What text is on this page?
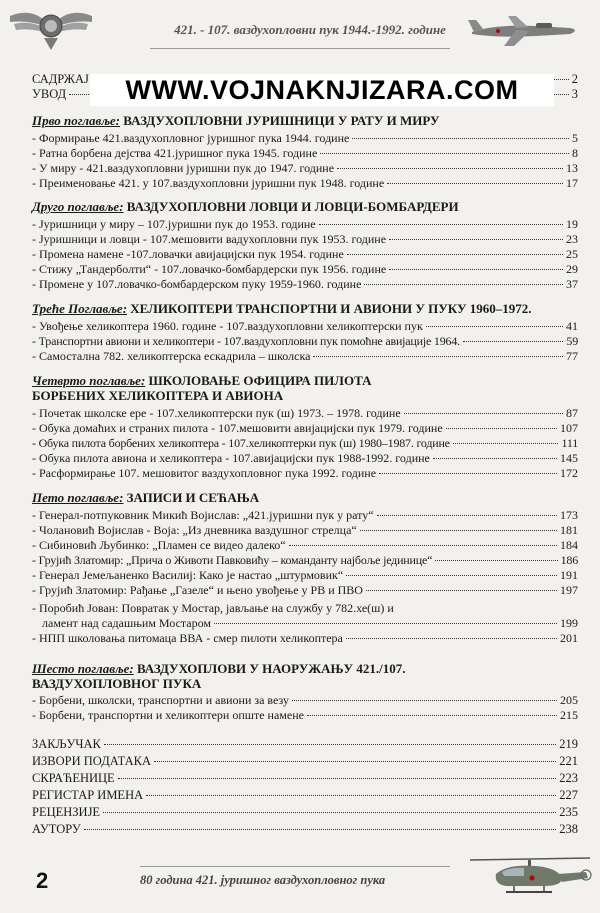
421. - 107. ваздухопловни пук 1944.-1992. године
САДРЖАЈ	2
УВОД	3
WWW.VOJNAKNJIZARA.COM
Прво поглавље: ВАЗДУХОПЛОВНИ ЈУРИШНИЦИ У РАТУ И МИРУ
- Формирање 421.ваздухопловног јуришног пука 1944. године	5
- Ратна борбена дејства 421.јуришног пука 1945. године	8
- У миру - 421.ваздухопловни јуришни пук до 1947. године	13
- Преименовање 421. у 107.ваздухопловни јуришни пук 1948. године	17
Друго поглавље: ВАЗДУХОПЛОВНИ ЛОВЦИ И ЛОВЦИ-БОМБАРДЕРИ
- Јуришници у миру – 107.јуришни пук до 1953. године	19
- Јуришници и ловци - 107.мешовити вадухопловни пук 1953. године	23
- Промена намене -107.ловачки авијацијски пук 1954. године	25
- Стижу „Тандерболти“ - 107.ловачко-бомбардерски пук 1956. године	29
- Промене у 107.ловачко-бомбардерском пуку 1959-1960. године	37
Треће Поглавље: ХЕЛИКОПТЕРИ ТРАНСПОРТНИ И АВИОНИ У ПУКУ 1960–1972.
- Увођење хеликоптера 1960. године - 107.ваздухопловни хеликоптерски пук	41
- Транспортни авиони и хеликоптери - 107.ваздухопловни пук помоћне авијације 1964.	59
- Самостална 782. хеликоптерска ескадрила – школска	77
Четврто поглавље: ШКОЛОВАЊЕ ОФИЦИРА ПИЛОТА
БОРБЕНИХ ХЕЛИКОПТЕРА И АВИОНА
- Почетак школске ере - 107.хеликоптерски пук (ш) 1973. – 1978. године	87
- Обука домаћих и страних пилота - 107.мешовити авијацијски пук 1979. године	107
- Обука пилота борбених хеликоптера - 107.хеликоптерки пук (ш) 1980–1987. године	111
- Обука пилота авиона и хеликоптера - 107.авијацијски пук 1988-1992. године	145
- Расформирање 107. мешовитог ваздухопловног пука 1992. године	172
Пето поглавље: ЗАПИСИ И СЕЋАЊА
- Генерал-потпуковник Микић Војислав: „421.јуришни пук у рату“	173
- Чолановић Војислав - Воја: „Из дневника ваздушног стрелца“	181
- Сибиновић Љубинко: „Пламен се видео далеко“	184
- Грујић Златомир: „Прича о Животи Павковићу – команданту најбоље јединице“	186
- Генерал Јемељаненко Василиј: Како је настао „штурмовик“	191
- Грујић Златомир: Рађање „Газеле“ и њено увођење у РВ и ПВО	197
- Поробић Јован: Повратак у Мостар, јављање на службу у 782.хе(ш) и
ламент над садашњим Мостаром	199
- НПП школовања питомаца ВВА - смер пилоти хеликоптера	201
Шесто поглавље: ВАЗДУХОПЛОВИ У НАОРУЖАЊУ 421./107.
ВАЗДУХОПЛОВНОГ ПУКА
- Борбени, школски, транспортни и авиони за везу	205
- Борбени, транспортни и хеликоптери опште намене	215
ЗАКЉУЧАК	219
ИЗВОРИ ПОДАТАКА	221
СКРАЋЕНИЦЕ	223
РЕГИСТАР ИМЕНА	227
РЕЦЕНЗИЈЕ	235
АУТОРУ	238
2	80 година 421. јуришног ваздухопловног пука
